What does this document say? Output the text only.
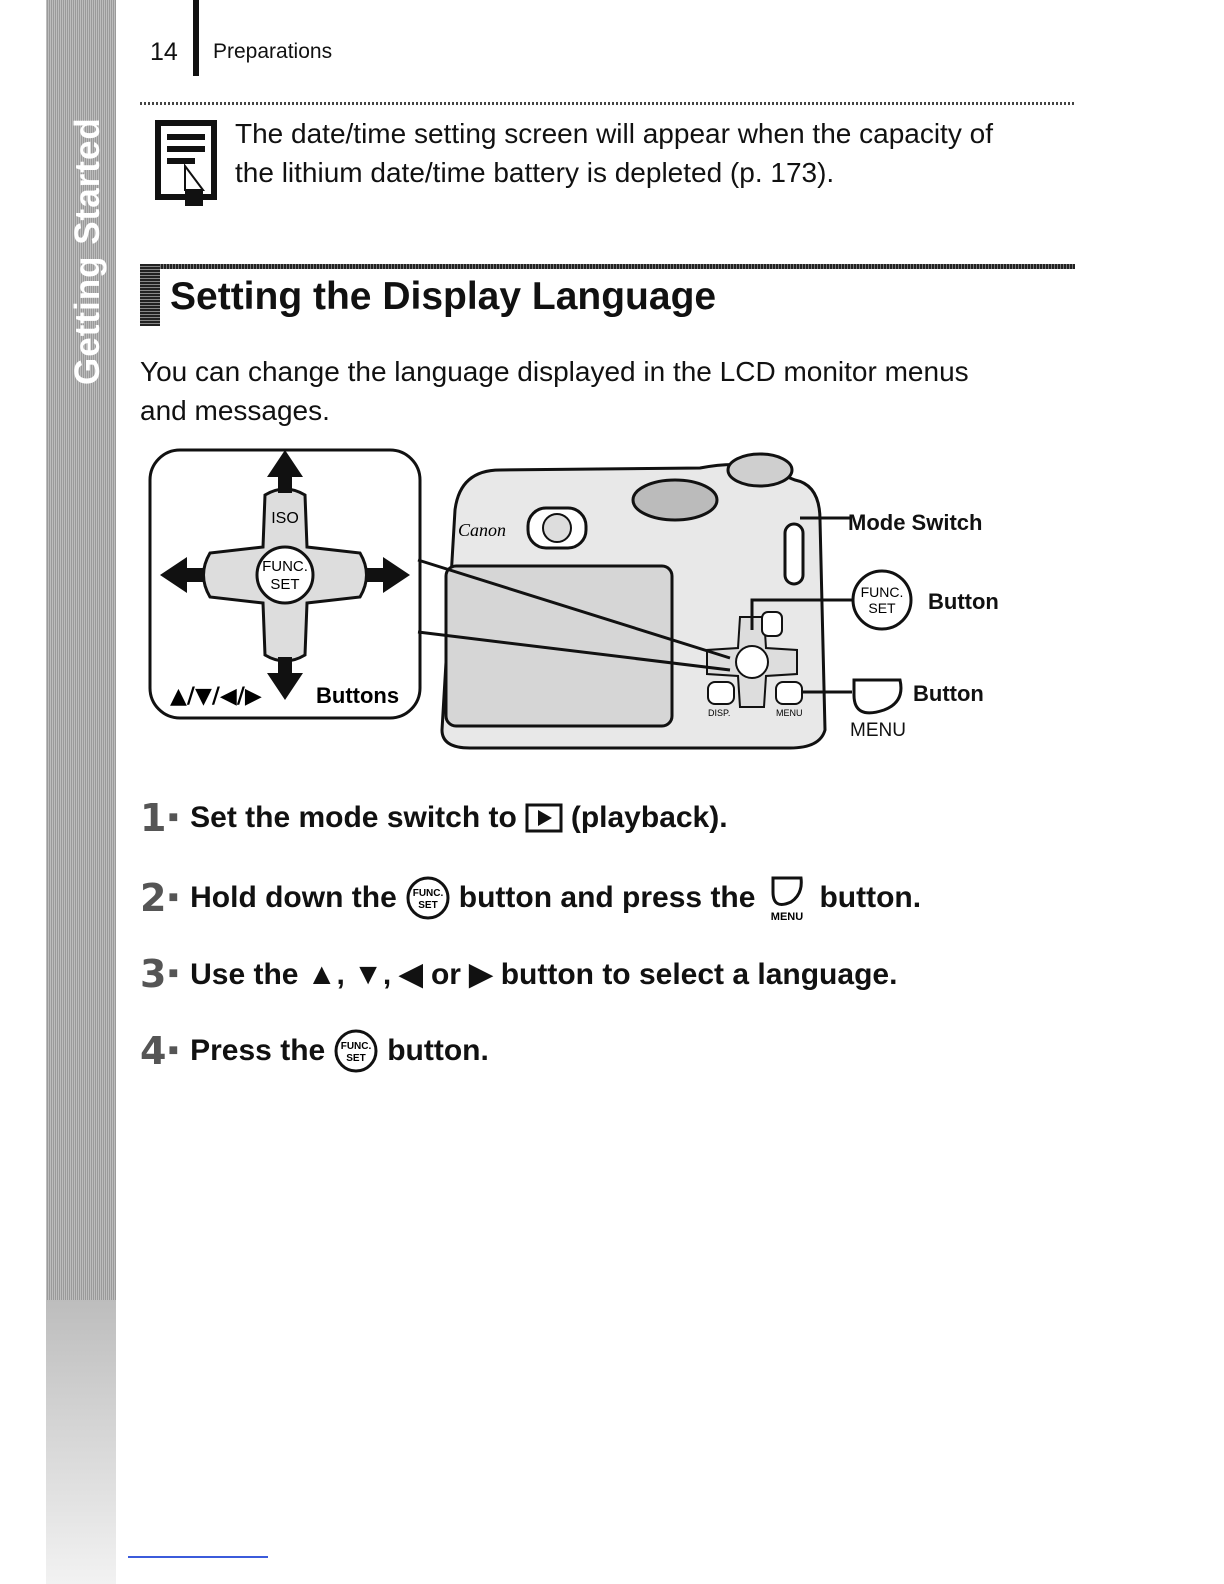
Getting Started
14 Preparations
The date/time setting screen will appear when the capacity of
the lithium date/time battery is depleted (p. 173).
Setting the Display Language
You can change the language displayed in the LCD monitor menus
and messages.
ISO
FUNC.
SET
▲/▼/◀/▶ Buttons
Canon
DISP.	MENU
FUNC.
SET
Mode Switch
Button
Button
MENU
1 ■ Set the mode switch to (playback).
2 ■ Hold down the FUNC.
SET button and press the
MENU
button.
3 ■ Use the ▲, ▼, ◀ or ▶ button to select a language.
4 ■ Press the FUNC.
SET button.
